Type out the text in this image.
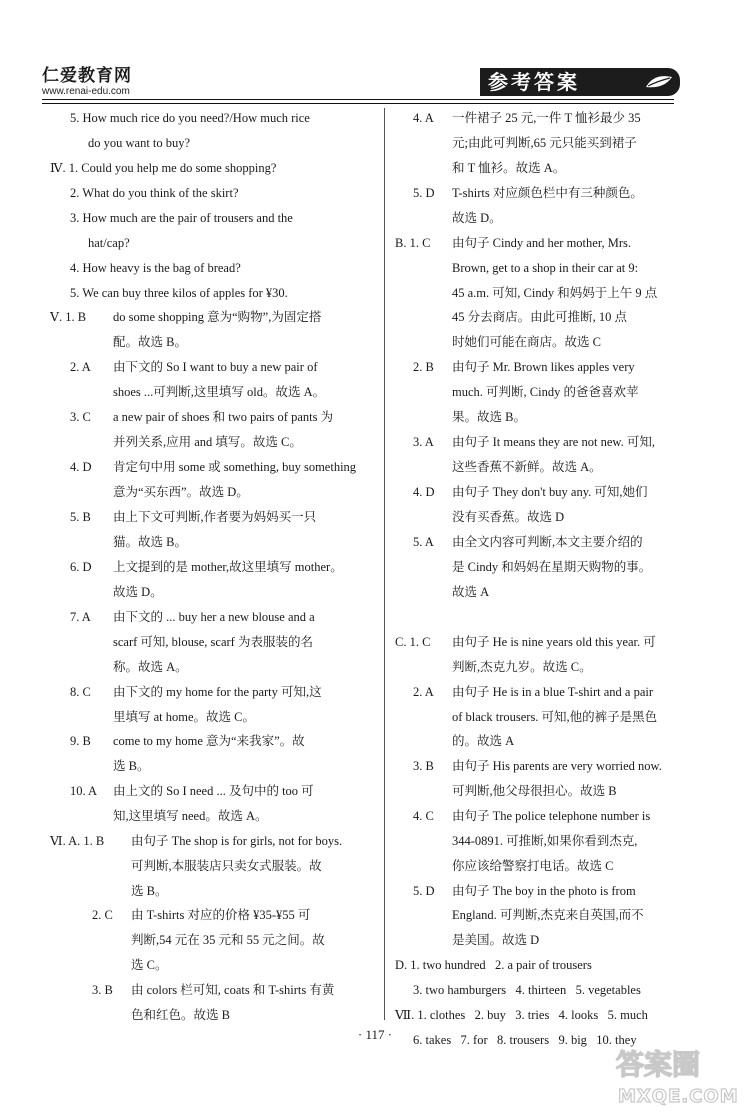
仁爱教育网
www.renai-edu.com	参考答案
5. How much rice do you need?/How much rice
do you want to buy?
Ⅳ. 1. Could you help me do some shopping?
2. What do you think of the skirt?
3. How much are the pair of trousers and the
hat/cap?
4. How heavy is the bag of bread?
5. We can buy three kilos of apples for ¥30.
Ⅴ. 1. B do some shopping 意为“购物”,为固定搭
配。故选 B。
2. A 由下文的 So I want to buy a new pair of
shoes ...可判断,这里填写 old。故选 A。
3. C a new pair of shoes 和 two pairs of pants 为
并列关系,应用 and 填写。故选 C。
4. D 肯定句中用 some 或 something, buy something
意为“买东西”。故选 D。
5. B 由上下文可判断,作者要为妈妈买一只
猫。故选 B。
6. D 上文提到的是 mother,故这里填写 mother。
故选 D。
7. A 由下文的 ... buy her a new blouse and a
scarf 可知, blouse, scarf 为表服装的名
称。故选 A。
8. C 由下文的 my home for the party 可知,这
里填写 at home。故选 C。
9. B come to my home 意为“来我家”。故
选 B。
10. A 由上文的 So I need ... 及句中的 too 可
知,这里填写 need。故选 A。
Ⅵ. A. 1. B 由句子 The shop is for girls, not for boys.
可判断,本服装店只卖女式服装。故
选 B。
2. C 由 T-shirts 对应的价格 ¥35-¥55 可
判断,54 元在 35 元和 55 元之间。故
选 C。
3. B 由 colors 栏可知, coats 和 T-shirts 有黄
色和红色。故选 B
4. A 一件裙子 25 元,一件 T 恤衫最少 35
元;由此可判断,65 元只能买到裙子
和 T 恤衫。故选 A。
5. D T-shirts 对应颜色栏中有三种颜色。
故选 D。
B. 1. C 由句子 Cindy and her mother, Mrs.
Brown, get to a shop in their car at 9:
45 a.m. 可知, Cindy 和妈妈于上午 9 点
45 分去商店。由此可推断, 10 点
时她们可能在商店。故选 C
2. B 由句子 Mr. Brown likes apples very
much. 可判断, Cindy 的爸爸喜欢苹
果。故选 B。
3. A 由句子 It means they are not new. 可知,
这些香蕉不新鲜。故选 A。
4. D 由句子 They don't buy any. 可知,她们
没有买香蕉。故选 D
5. A 由全文内容可判断,本文主要介绍的
是 Cindy 和妈妈在星期天购物的事。
故选 A
C. 1. C 由句子 He is nine years old this year. 可
判断,杰克九岁。故选 C。
2. A 由句子 He is in a blue T-shirt and a pair
of black trousers. 可知,他的裤子是黑色
的。故选 A
3. B 由句子 His parents are very worried now.
可判断,他父母很担心。故选 B
4. C 由句子 The police telephone number is
344-0891. 可推断,如果你看到杰克,
你应该给警察打电话。故选 C
5. D 由句子 The boy in the photo is from
England. 可判断,杰克来自英国,而不
是美国。故选 D
D. 1. two hundred   2. a pair of trousers
3. two hamburgers   4. thirteen   5. vegetables
Ⅶ. 1. clothes   2. buy   3. tries   4. looks   5. much
6. takes   7. for   8. trousers   9. big   10. they
· 117 ·
答案圈
MXQE.COM
